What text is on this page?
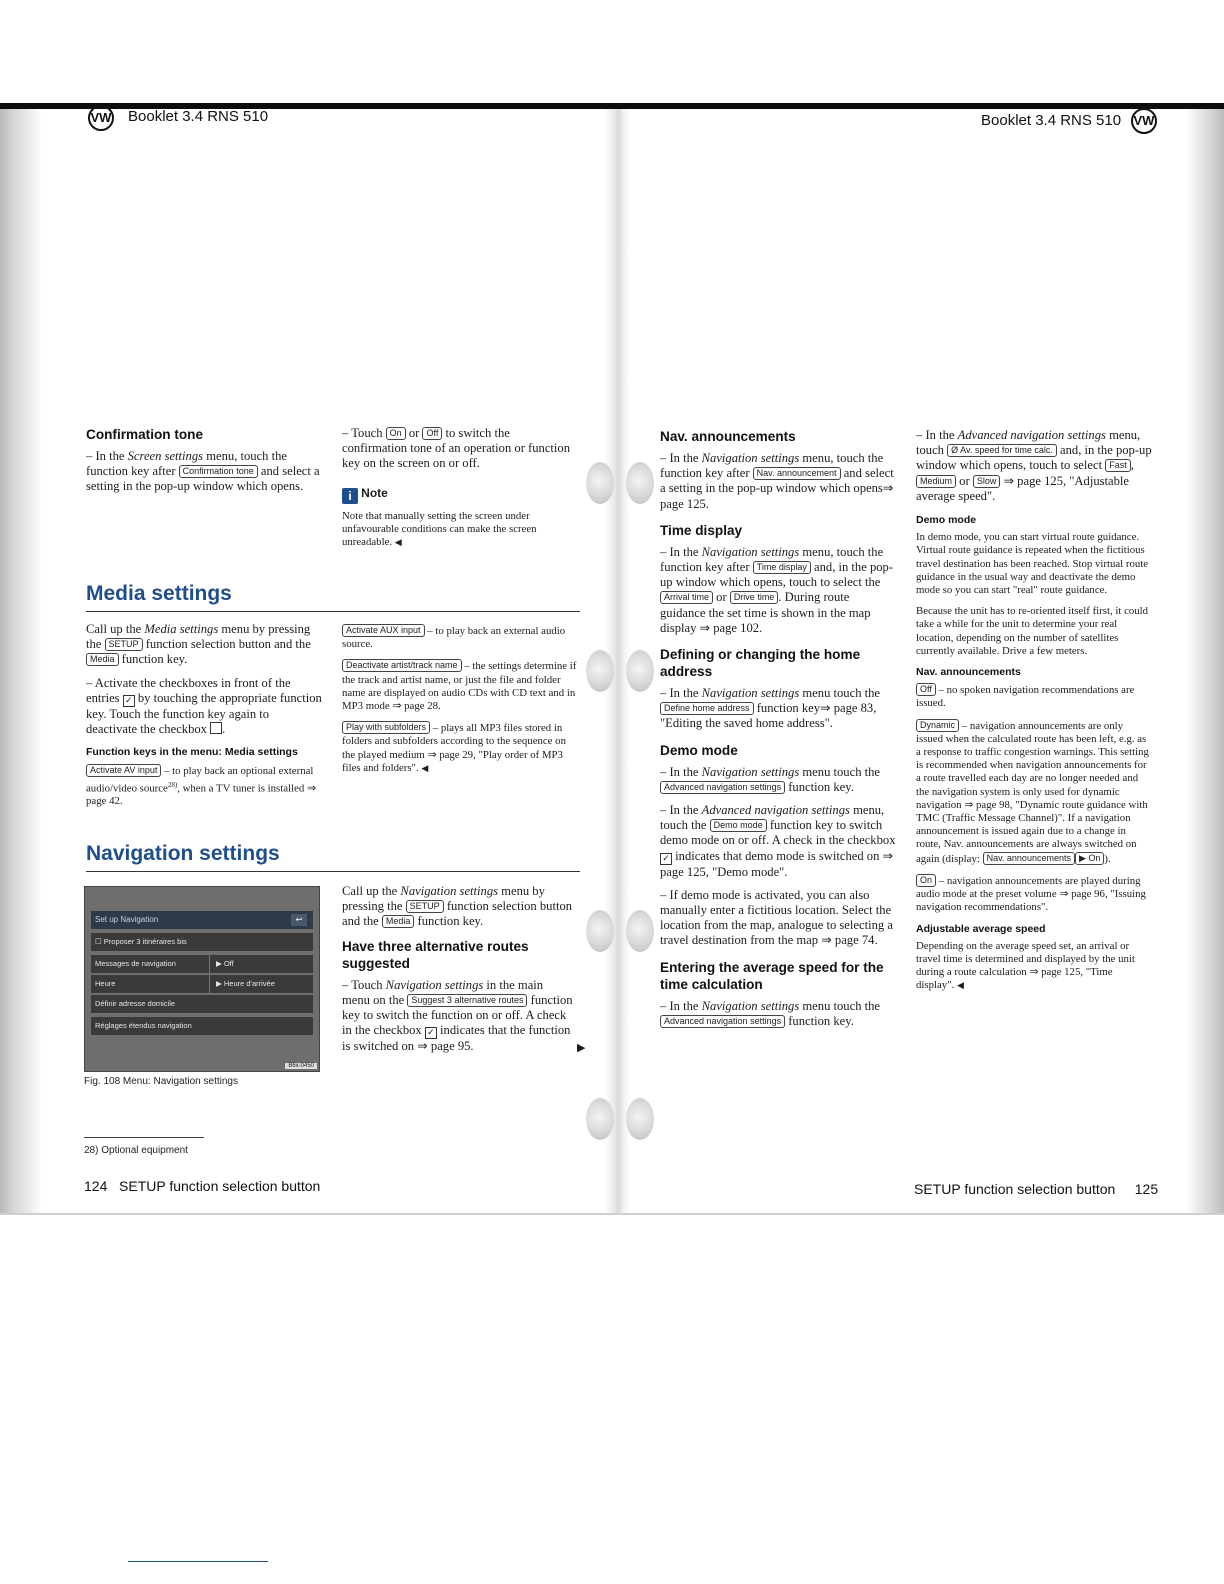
VW Booklet 3.4 RNS 510
Confirmation tone

– In the Screen settings menu, touch the function key after Confirmation tone and select a setting in the pop-up window which opens.

– Touch On or Off to switch the confirmation tone of an operation or function key on the screen on or off.

i Note

Note that manually setting the screen under unfavourable conditions can make the screen unreadable. ◀

Media settings

Call up the Media settings menu by pressing the SETUP function selection button and the Media function key.

– Activate the checkboxes in front of the entries ✓ by touching the appropriate function key. Touch the function key again to deactivate the checkbox .

Function keys in the menu: Media settings

Activate AV input – to play back an optional external audio/video source$^{28)}$, when a TV tuner is installed ⇒ page 42.

Activate AUX input – to play back an external audio source.

Deactivate artist/track name – the settings determine if the track and artist name, or just the file and folder name are displayed on audio CDs with CD text and in MP3 mode ⇒ page 28.

Play with subfolders – plays all MP3 files stored in folders and subfolders according to the sequence on the played medium ⇒ page 29, "Play order of MP3 files and folders". ◀

Navigation settings
Set up Navigation	↩
☐ Proposer 3 itinéraires bis
Messages de navigation	▶ Off
Heure	▶ Heure d'arrivée
Définir adresse domicile
Réglages étendus navigation
B6x-0450
Fig. 108 Menu: Navigation settings

Call up the Navigation settings menu by pressing the SETUP function selection button and the Media function key.

Have three alternative routes suggested

– Touch Navigation settings in the main menu on the Suggest 3 alternative routes function key to switch the function on or off. A check in the checkbox ✓ indicates that the function is switched on ⇒ page 95.	▶
28) Optional equipment
124 SETUP function selection button
Booklet 3.4 RNS 510 VW
Nav. announcements

– In the Navigation settings menu, touch the function key after Nav. announcement and select a setting in the pop-up window which opens⇒ page 125.

Time display

– In the Navigation settings menu, touch the function key after Time display and, in the pop-up window which opens, touch to select the Arrival time or Drive time . During route guidance the set time is shown in the map display ⇒ page 102.

Defining or changing the home address

– In the Navigation settings menu touch the Define home address function key⇒ page 83, "Editing the saved home address".

Demo mode

– In the Navigation settings menu touch the Advanced navigation settings function key.

– In the Advanced navigation settings menu, touch the Demo mode function key to switch demo mode on or off. A check in the checkbox ✓ indicates that demo mode is switched on ⇒ page 125, "Demo mode".

– If demo mode is activated, you can also manually enter a fictitious location. Select the location from the map, analogue to selecting a travel destination from the map ⇒ page 74.

Entering the average speed for the time calculation

– In the Navigation settings menu touch the Advanced navigation settings function key.

– In the Advanced navigation settings menu, touch Ø Av. speed for time calc. and, in the pop-up window which opens, touch to select Fast , Medium or Slow ⇒ page 125, "Adjustable average speed".

Demo mode

In demo mode, you can start virtual route guidance. Virtual route guidance is repeated when the fictitious travel destination has been reached. Stop virtual route guidance in the usual way and deactivate the demo mode so you can start "real" route guidance.

Because the unit has to re-oriented itself first, it could take a while for the unit to determine your real location, depending on the number of satellites currently available. Drive a few meters.

Nav. announcements

Off – no spoken navigation recommendations are issued.

Dynamic – navigation announcements are only issued when the calculated route has been left, e.g. as a response to traffic congestion warnings. This setting is recommended when navigation announcements for a route travelled each day are no longer needed and the navigation system is only used for dynamic navigation ⇒ page 98, "Dynamic route guidance with TMC (Traffic Message Channel)". If a navigation announcement is issued again due to a change in route, Nav. announcements are always switched on again (display: Nav. announcements ▶ On ).

On – navigation announcements are played during audio mode at the preset volume ⇒ page 96, "Issuing navigation recommendations".

Adjustable average speed

Depending on the average speed set, an arrival or travel time is determined and displayed by the unit during a route calculation ⇒ page 125, "Time display". ◀

SETUP function selection button 125
